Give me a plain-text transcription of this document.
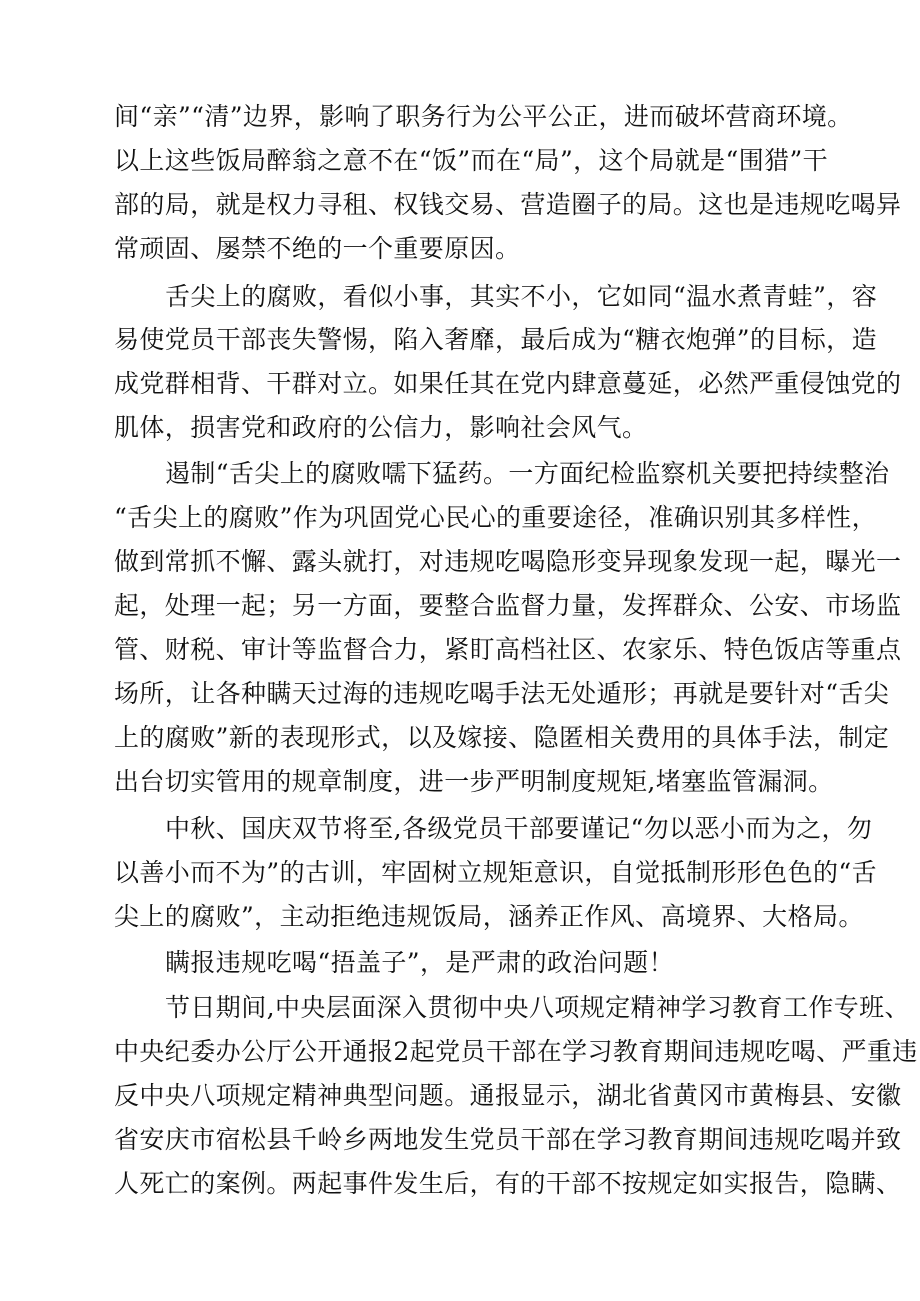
间“亲”“清”边界，影响了职务行为公平公正，进而破坏营商环境。
以上这些饭局醉翁之意不在“饭”而在“局”，这个局就是“围猎”干
部的局，就是权力寻租、权钱交易、营造圈子的局。这也是违规吃喝异
常顽固、屡禁不绝的一个重要原因。
舌尖上的腐败，看似小事，其实不小，它如同“温水煮青蛙”，容
易使党员干部丧失警惕，陷入奢靡，最后成为“糖衣炮弹”的目标，造
成党群相背、干群对立。如果任其在党内肆意蔓延，必然严重侵蚀党的
肌体，损害党和政府的公信力，影响社会风气。
遏制“舌尖上的腐败嚅下猛药。一方面纪检监察机关要把持续整治
“舌尖上的腐败”作为巩固党心民心的重要途径，准确识别其多样性，
做到常抓不懈、露头就打，对违规吃喝隐形变异现象发现一起，曝光一
起，处理一起；另一方面，要整合监督力量，发挥群众、公安、市场监
管、财税、审计等监督合力，紧盯高档社区、农家乐、特色饭店等重点
场所，让各种瞒天过海的违规吃喝手法无处遁形；再就是要针对“舌尖
上的腐败”新的表现形式，以及嫁接、隐匿相关费用的具体手法，制定
出台切实管用的规章制度，进一步严明制度规矩,堵塞监管漏洞。
中秋、国庆双节将至,各级党员干部要谨记“勿以恶小而为之，勿
以善小而不为”的古训，牢固树立规矩意识，自觉抵制形形色色的“舌
尖上的腐败”，主动拒绝违规饭局，涵养正作风、高境界、大格局。
瞒报违规吃喝“捂盖子”，是严肃的政治问题！
节日期间,中央层面深入贯彻中央八项规定精神学习教育工作专班、
中央纪委办公厅公开通报2起党员干部在学习教育期间违规吃喝、严重违
反中央八项规定精神典型问题。通报显示，湖北省黄冈市黄梅县、安徽
省安庆市宿松县千岭乡两地发生党员干部在学习教育期间违规吃喝并致
人死亡的案例。两起事件发生后，有的干部不按规定如实报告，隐瞒、
